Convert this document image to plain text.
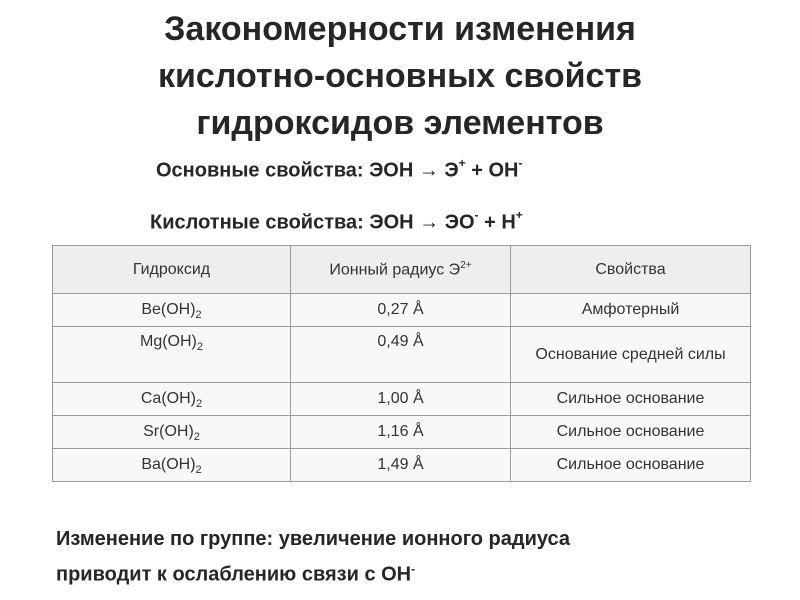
Закономерности изменения
кислотно-основных свойств
гидроксидов элементов
Основные свойства: ЭОН → Э+ + ОН-
Кислотные свойства: ЭОН → ЭО- + Н+
Гидроксид	Ионный радиус $Э^{2+}$	Свойства
$Be(OH)_2$	0,27 Å	Амфотерный
$Mg(OH)_2$	0,49 Å	Основание средней силы
$Ca(OH)_2$	1,00 Å	Сильное основание
$Sr(OH)_2$	1,16 Å	Сильное основание
$Ba(OH)_2$	1,49 Å	Сильное основание
Изменение по группе: увеличение ионного радиуса
приводит к ослаблению связи с ОН-
